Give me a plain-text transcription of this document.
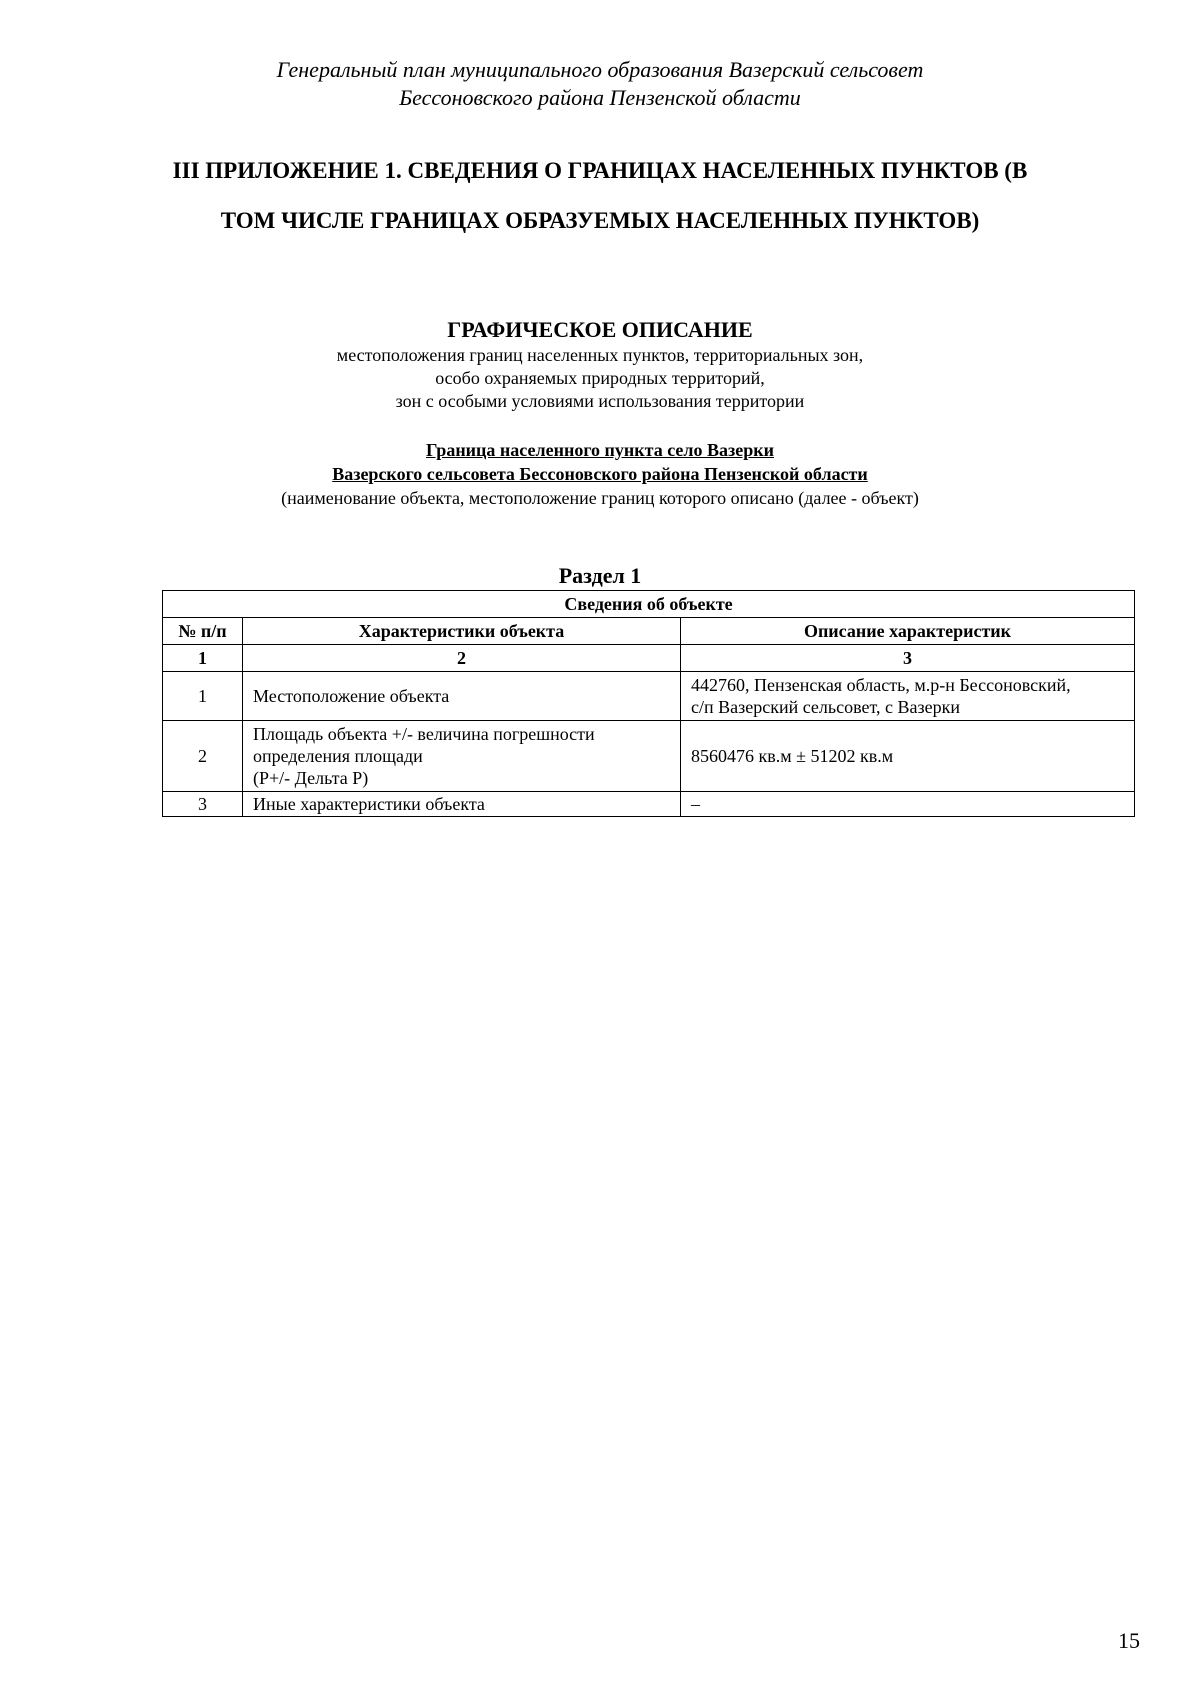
Генеральный план муниципального образования Вазерский сельсовет
Бессоновского района Пензенской области
III ПРИЛОЖЕНИЕ 1. СВЕДЕНИЯ О ГРАНИЦАХ НАСЕЛЕННЫХ ПУНКТОВ (В ТОМ ЧИСЛЕ ГРАНИЦАХ ОБРАЗУЕМЫХ НАСЕЛЕННЫХ ПУНКТОВ)
ГРАФИЧЕСКОЕ ОПИСАНИЕ
местоположения границ населенных пунктов, территориальных зон,
особо охраняемых природных территорий,
зон с особыми условиями использования территории
Граница населенного пункта село Вазерки
Вазерского сельсовета Бессоновского района Пензенской области
(наименование объекта, местоположение границ которого описано (далее - объект)
Раздел 1
Сведения об объекте		
№ п/п	Характеристики объекта	Описание характеристик
1	2	3
1	Местоположение объекта	442760, Пензенская область, м.р-н Бессоновский,
с/п Вазерский сельсовет, с Вазерки

2	Площадь объекта +/- величина погрешности
определения площади
(P+/- Дельта P)	8560476 кв.м ± 51202 кв.м

3	Иные характеристики объекта	–
15
